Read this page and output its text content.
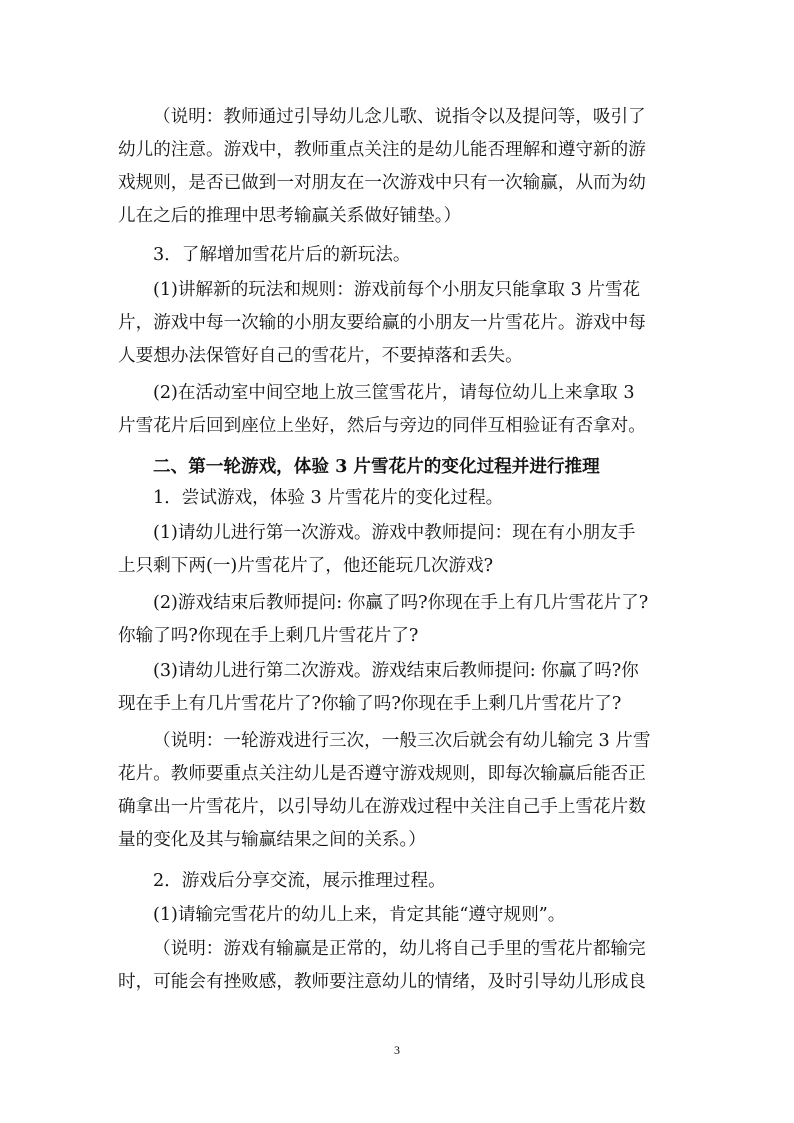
（说明：教师通过引导幼儿念儿歌、说指令以及提问等，吸引了
幼儿的注意。游戏中，教师重点关注的是幼儿能否理解和遵守新的游
戏规则，是否已做到一对朋友在一次游戏中只有一次输赢，从而为幼
儿在之后的推理中思考输赢关系做好铺垫。）
3．了解增加雪花片后的新玩法。
(1)讲解新的玩法和规则：游戏前每个小朋友只能拿取 3 片雪花
片，游戏中每一次输的小朋友要给赢的小朋友一片雪花片。游戏中每
人要想办法保管好自己的雪花片，不要掉落和丢失。
(2)在活动室中间空地上放三筐雪花片，请每位幼儿上来拿取 3
片雪花片后回到座位上坐好，然后与旁边的同伴互相验证有否拿对。
二、第一轮游戏，体验 3 片雪花片的变化过程并进行推理
1．尝试游戏，体验 3 片雪花片的变化过程。
(1)请幼儿进行第一次游戏。游戏中教师提问：现在有小朋友手
上只剩下两(一)片雪花片了，他还能玩几次游戏?
(2)游戏结束后教师提问: 你赢了吗?你现在手上有几片雪花片了?
你输了吗?你现在手上剩几片雪花片了?
(3)请幼儿进行第二次游戏。游戏结束后教师提问: 你赢了吗?你
现在手上有几片雪花片了?你输了吗?你现在手上剩几片雪花片了?
（说明：一轮游戏进行三次，一般三次后就会有幼儿输完 3 片雪
花片。教师要重点关注幼儿是否遵守游戏规则，即每次输赢后能否正
确拿出一片雪花片，以引导幼儿在游戏过程中关注自己手上雪花片数
量的变化及其与输赢结果之间的关系。）
2．游戏后分享交流，展示推理过程。
(1)请输完雪花片的幼儿上来，肯定其能“遵守规则”。
（说明：游戏有输赢是正常的，幼儿将自己手里的雪花片都输完
时，可能会有挫败感，教师要注意幼儿的情绪，及时引导幼儿形成良
3
